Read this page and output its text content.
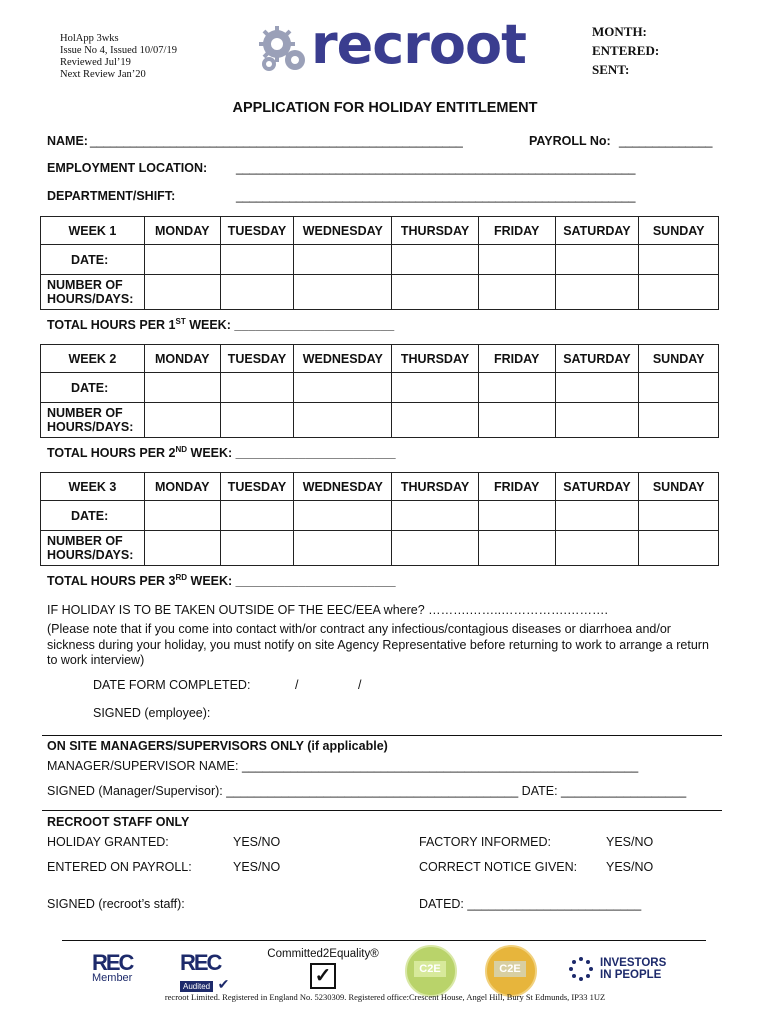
HolApp 3wks
Issue No 4, Issued 10/07/19
Reviewed Jul’19
Next Review Jan’20	recroot	MONTH:
ENTERED:
SENT:
APPLICATION FOR HOLIDAY ENTITLEMENT
NAME: ________________________________________________________	PAYROLL No: ______________
EMPLOYMENT LOCATION: ____________________________________________________________
DEPARTMENT/SHIFT:	____________________________________________________________
WEEK 1	MONDAY	TUESDAY	WEDNESDAY	THURSDAY	FRIDAY	SATURDAY	SUNDAY
DATE:							
NUMBER OF HOURS/DAYS:							
TOTAL HOURS PER 1ST WEEK: _______________________
WEEK 2	MONDAY	TUESDAY	WEDNESDAY	THURSDAY	FRIDAY	SATURDAY	SUNDAY
DATE:							
NUMBER OF HOURS/DAYS:							
TOTAL HOURS PER 2ND WEEK: _______________________
WEEK 3	MONDAY	TUESDAY	WEDNESDAY	THURSDAY	FRIDAY	SATURDAY	SUNDAY
DATE:							
NUMBER OF HOURS/DAYS:							
TOTAL HOURS PER 3RD WEEK: _______________________
IF HOLIDAY IS TO BE TAKEN OUTSIDE OF THE EEC/EEA where? ……….……..…………….……….
(Please note that if you come into contact with/or contract any infectious/contagious diseases or diarrhoea and/or sickness during your holiday, you must notify on site Agency Representative before returning to work to arrange a return to work interview)
DATE FORM COMPLETED:	/	/
SIGNED (employee):
ON SITE MANAGERS/SUPERVISORS ONLY (if applicable)
MANAGER/SUPERVISOR NAME: _________________________________________________________
SIGNED (Manager/Supervisor): __________________________________________ DATE: __________________
RECROOT STAFF ONLY
HOLIDAY GRANTED:	YES/NO	FACTORY INFORMED:	YES/NO
ENTERED ON PAYROLL:	YES/NO	CORRECT NOTICE GIVEN: YES/NO
SIGNED (recroot’s staff):	DATED: _________________________
REC
Member
REC
Audited ✔
Committed2Equality®
✓	C2E	C2E	INVESTORS IN PEOPLE
recroot Limited. Registered in England No. 5230309. Registered office:Crescent House, Angel Hill, Bury St Edmunds, IP33 1UZ
